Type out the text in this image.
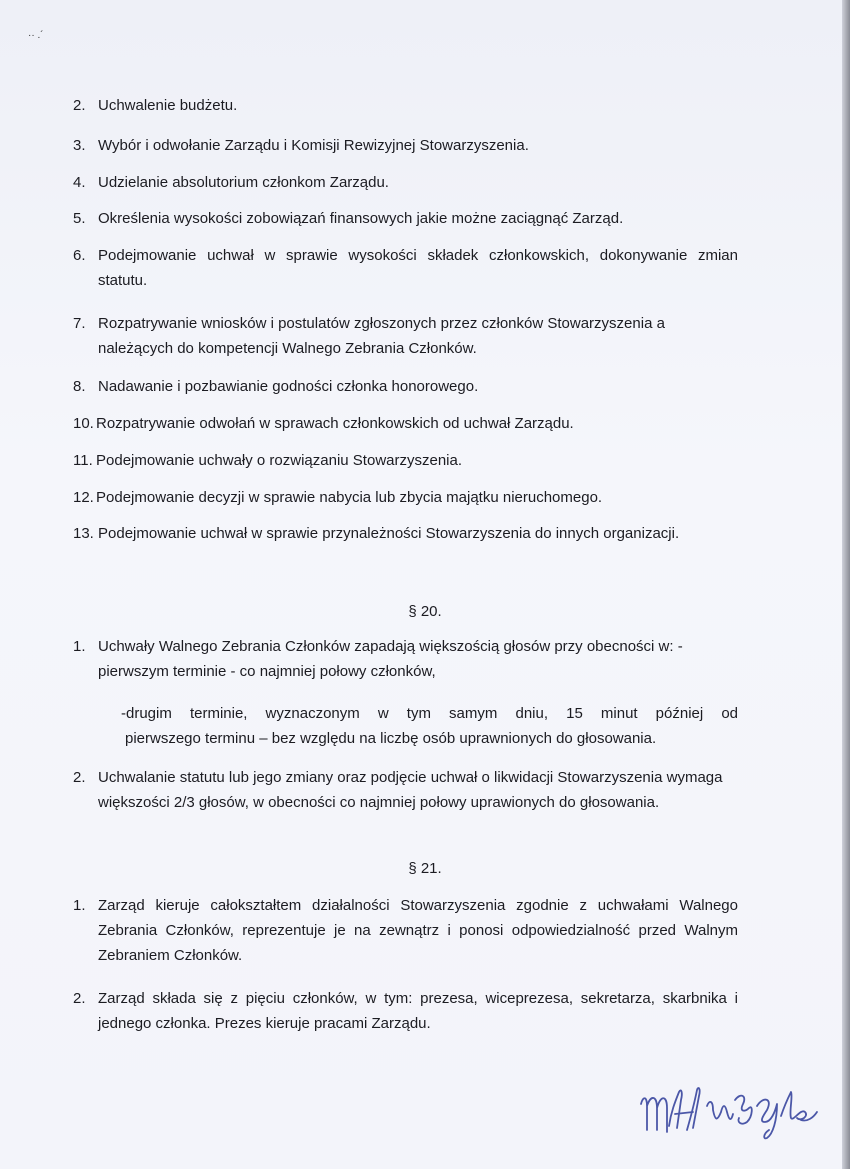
·· .´
2. Uchwalenie budżetu.
3. Wybór i odwołanie Zarządu i Komisji Rewizyjnej Stowarzyszenia.
4. Udzielanie absolutorium członkom Zarządu.
5. Określenia wysokości zobowiązań finansowych jakie możne zaciągnąć Zarząd.
6. Podejmowanie uchwał w sprawie wysokości składek członkowskich, dokonywanie zmian statutu.
7. Rozpatrywanie wniosków i postulatów zgłoszonych przez członków Stowarzyszenia a należących do kompetencji Walnego Zebrania Członków.
8. Nadawanie i pozbawianie godności członka honorowego.
10. Rozpatrywanie odwołań w sprawach członkowskich od uchwał Zarządu.
11. Podejmowanie uchwały o rozwiązaniu Stowarzyszenia.
12. Podejmowanie decyzji w sprawie nabycia lub zbycia majątku nieruchomego.
13. Podejmowanie uchwał w sprawie przynależności Stowarzyszenia do innych organizacji.
§ 20.
1. Uchwały Walnego Zebrania Członków zapadają większością głosów przy obecności w: -pierwszym terminie - co najmniej połowy członków,
-drugim terminie, wyznaczonym w tym samym dniu, 15 minut później od
pierwszego terminu – bez względu na liczbę osób uprawnionych do głosowania.
2. Uchwalanie statutu lub jego zmiany oraz podjęcie uchwał o likwidacji Stowarzyszenia wymaga większości 2/3 głosów, w obecności co najmniej połowy uprawionych do głosowania.
§ 21.
1. Zarząd kieruje całokształtem działalności Stowarzyszenia zgodnie z uchwałami Walnego Zebrania Członków, reprezentuje je na zewnątrz i ponosi odpowiedzialność przed Walnym Zebraniem Członków.
2. Zarząd składa się z pięciu członków, w tym: prezesa, wiceprezesa, sekretarza, skarbnika i jednego członka. Prezes kieruje pracami Zarządu.
